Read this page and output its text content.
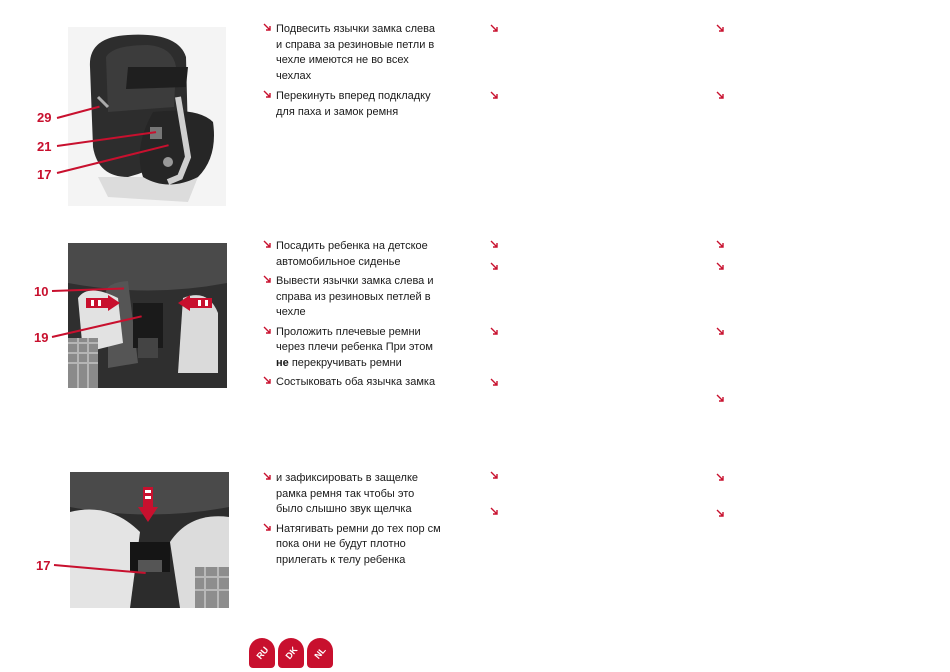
29
21
17
10
19
17
Подвесить язычки замка слева
и справа за резиновые петли в
чехле имеются не во всех
чехлах
Перекинуть вперед подкладку
для паха и замок ремня
Посадить ребенка на детское
автомобильное сиденье
Вывести язычки замка слева и
справа из резиновых петлей в
чехле
Проложить плечевые ремни
через плечи ребенка При этом
не перекручивать ремни
Состыковать оба язычка замка
и зафиксировать в защелке
рамка ремня так чтобы это
было слышно звук щелчка
Натягивать ремни до тех пор см
пока они не будут плотно
прилегать к телу ребенка
RU DK NL
